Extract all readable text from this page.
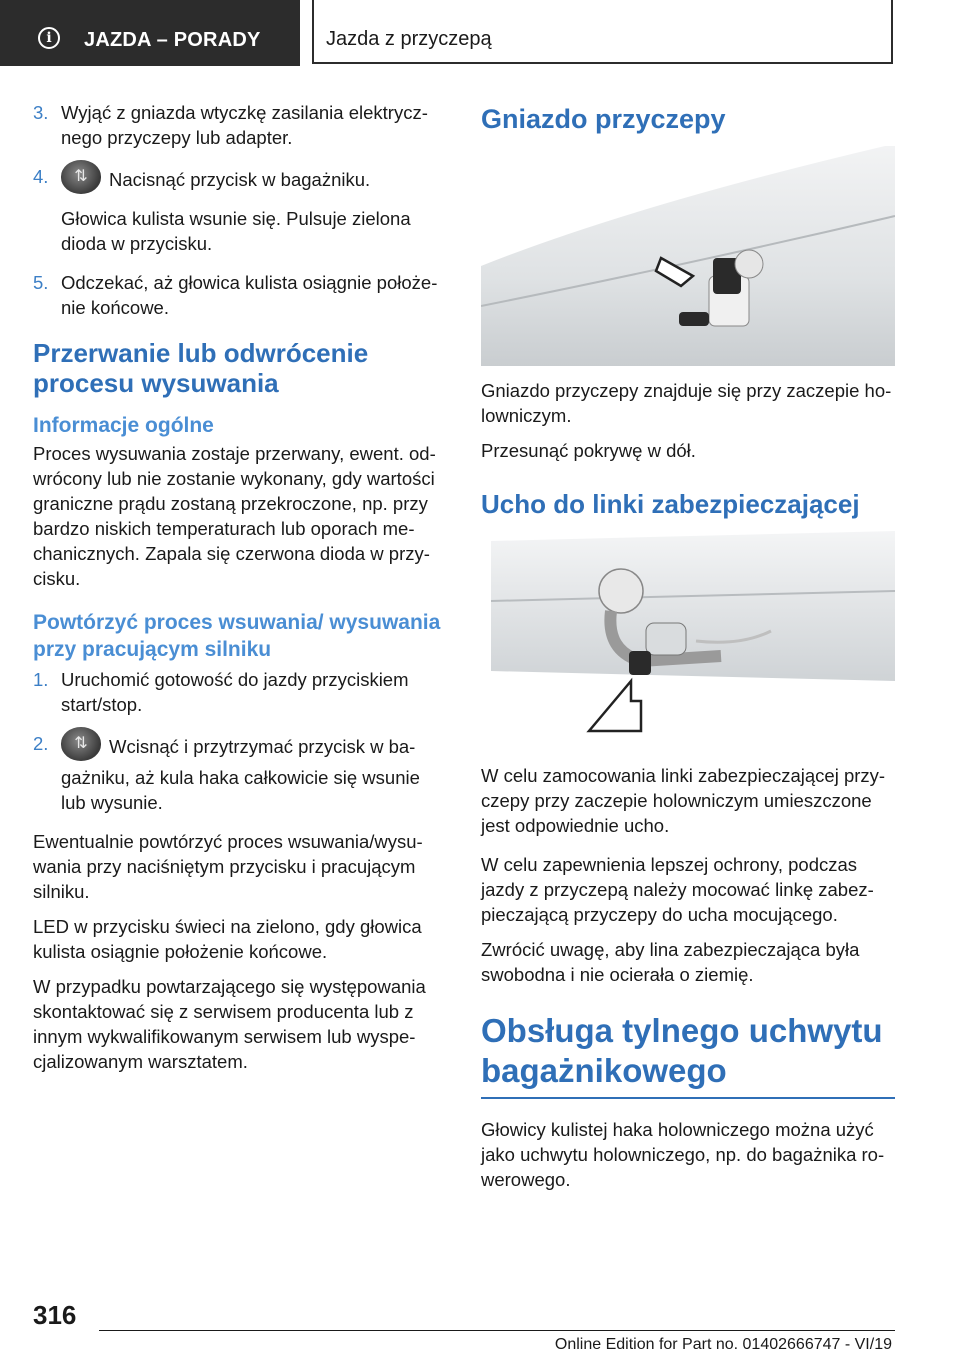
i	JAZDA – PORADY	Jazda z przyczepą
3. Wyjąć z gniazda wtyczkę zasilania elektrycz-nego przyczepy lub adapter.

4.	⇅ Nacisnąć przycisk w bagażniku.

Głowica kulista wsunie się. Pulsuje zielona dioda w przycisku.

5. Odczekać, aż głowica kulista osiągnie położe-nie końcowe.

Przerwanie lub odwrócenie procesu wysuwania
Informacje ogólne

Proces wysuwania zostaje przerwany, ewent. od-wrócony lub nie zostanie wykonany, gdy wartości graniczne prądu zostaną przekroczone, np. przy bardzo niskich temperaturach lub oporach me-chanicznych. Zapala się czerwona dioda w przy-cisku.

Powtórzyć proces wsuwania/ wysuwania przy pracującym silniku
1. Uruchomić gotowość do jazdy przyciskiem start/stop.

2.	⇅ Wcisnąć i przytrzymać przycisk w ba-gażniku, aż kula haka całkowicie się wsunie lub wysunie.

Ewentualnie powtórzyć proces wsuwania/wysu-wania przy naciśniętym przycisku i pracującym silniku.

LED w przycisku świeci na zielono, gdy głowica kulista osiągnie położenie końcowe.

W przypadku powtarzającego się występowania skontaktować się z serwisem producenta lub z innym wykwalifikowanym serwisem lub wyspe-cjalizowanym warsztatem.

Gniazdo przyczepy

Gniazdo przyczepy znajduje się przy zaczepie ho-lowniczym.

Przesunąć pokrywę w dół.

Ucho do linki zabezpieczającej

W celu zamocowania linki zabezpieczającej przy-czepy przy zaczepie holowniczym umieszczone jest odpowiednie ucho.

W celu zapewnienia lepszej ochrony, podczas jazdy z przyczepą należy mocować linkę zabez-pieczającą przyczepy do ucha mocującego.

Zwrócić uwagę, aby lina zabezpieczająca była swobodna i nie ocierała o ziemię.

Obsługa tylnego uchwytu bagażnikowego

Głowicy kulistej haka holowniczego można użyć jako uchwytu holowniczego, np. do bagażnika ro-werowego.

316
Online Edition for Part no. 01402666747 - VI/19
